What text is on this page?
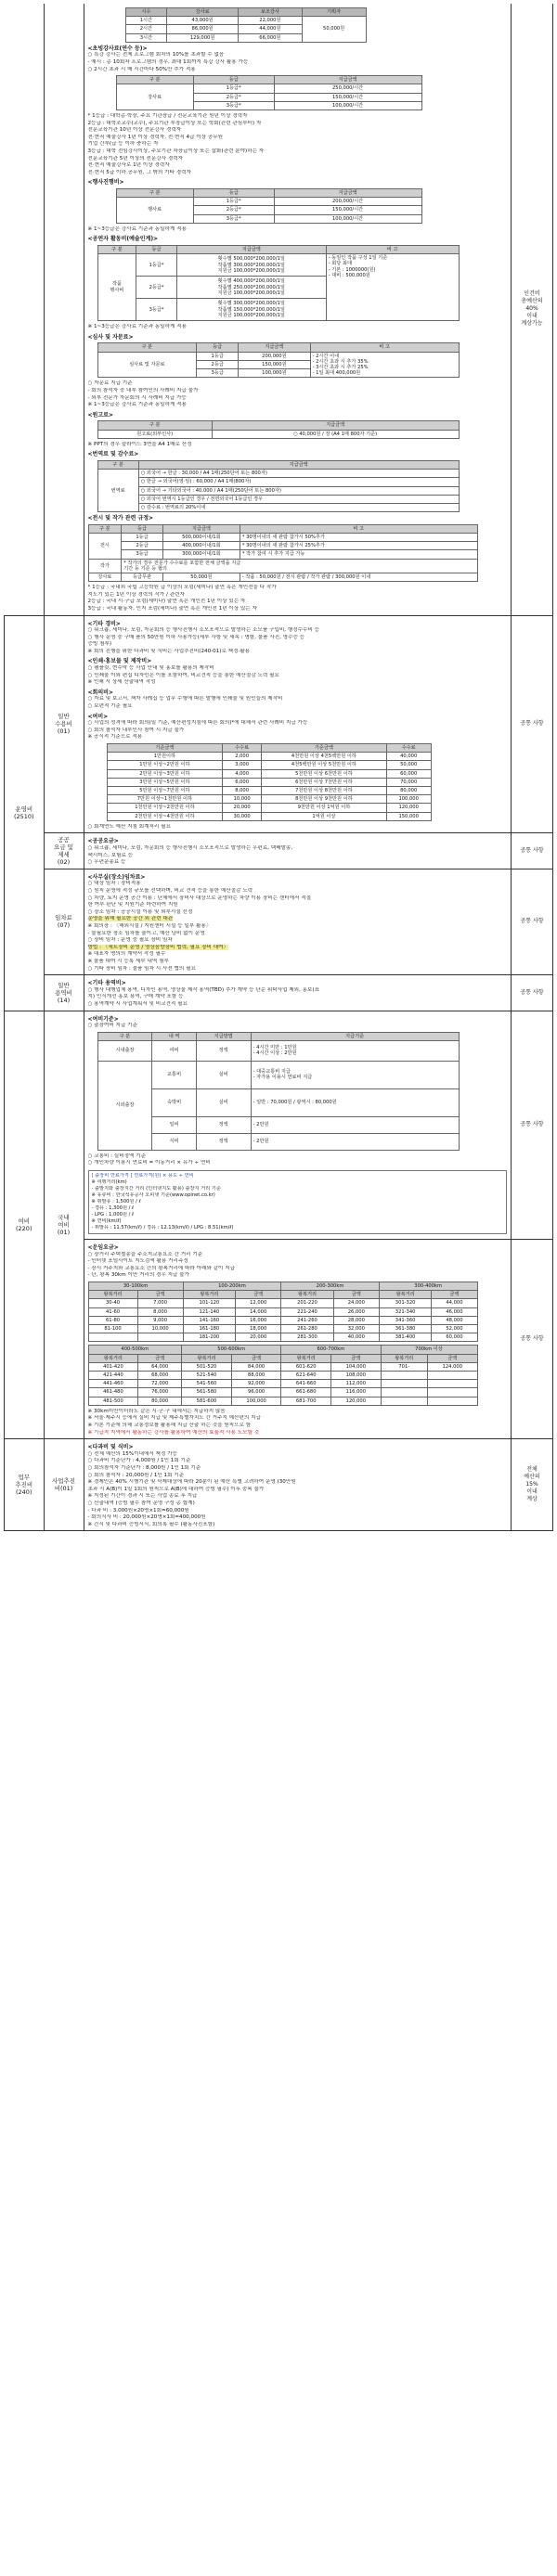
시수	강사료	보조강사	기획자
1시간	43,000원	22,000원	50,000원
2시간	86,000원	44,000원
3시간	129,000원	66,000원
<초빙강사료(연수 등)>
○ 특강 강사는 전체 프로그램 회차의 10%를 초과할 수 없음
- 예시 : 총 10회차 프로그램의 경우, 최대 1회까지 특강 강사 활용 가능
○ 2시간 초과 시 매 시간마다 50%만 추가 적용
구 분	등급	지급금액
강사료	1등급*	250,000/시간
2등급*	150,000/시간
3등급*	100,000/시간
* 1등급 : 대학총·학장, 주요 기관장급 / 전문교육기관 원년 이상 경력자
2등급 : 대학조교수(교수), 주요기관 부장급이상 또는 학회(관련 관심부터) 자
전문교육기관 10년 이상 전문강사 경력자
전·현직 예술강사 1년 이상 경력자, 전·현직 4급 이상 공무원
기업 간부(급 등 이하 충하는 자
3등급 : 대학 전임강사이상, 주요기관 차장급이상 또는 삽화(관련 분야)하는 자
전문교육기관 5년 이상의 전문강사 경력자
전·현직 예술강사로 1년 이상 경력자
전·현직 5급 이하 공무원, 그 밖의 기타 경력자
<행사진행비>
구 분	등급	지급금액
행사료	1등급*	200,000/시간
2등급*	150,000/시간
3등급*	100,000/시간
※ 1~3등급은 강사료 기준과 동일하게 적용
<공연자 활동비(예술인계)>
구 분	등급	지급금액	비 고
작품
행사비	1등급*	횟수별 500,000*200,000/1일
작품별 300,000*200,000/1일
지원금 100,000*200,000/1일	- 동일인 작품 구성 1일 기준
- 회당 최대
- 기본 : 1000000(원)
- 대비 : 500,000원
2등급*	횟수별 400,000*200,000/1일
작품별 250,000*200,000/1일
지원금 100,000*200,000/1일
3등급*	횟수별 300,000*200,000/1일
작품별 150,000*200,000/1일
지원금 100,000*200,000/1일
※ 1~3등급은 강사료 기준과 동일하게 적용
<심사 및 자문료>
구 분	등급	지급금액	비 고
심사료 및 자문료	1등급	200,000원	- 2시간 이내
- 2시간 초과 시 추가 35%
- 3시간 초과 시 추가 25%
- 1일 최대 400,000원
2등급	150,000원
3등급	100,000원
○ 자문료 지급 기준
- 회의 참석자 중 내부 참여인의 사례비 지급 불가
- 외부 전문가 자문회의 시 사례비 지급 가능
※ 1~3등급은 강사료 기준과 동일하게 적용
<원고료>
구 분	지급금액
원고료(외부인사)	○ 40,000원 / 장 (A4 1매 800자 기준)
※ PPT의 경우 슬라이드 3면을 A4 1매로 산정
<번역료 및 감수료>
구 분	지급금액
번역료	○ 외국어 → 한글 : 30,000 / A4 1매(250단어 또는 800자)
○ 한글 → 외국어(영·일) : 60,000 / A4 1매(800자)
○ 외국어 → 기타외국어 : 40,000 / A4 1매(250단어 또는 800자)
○ 외국어 번역시 1등급인 경우 / 전면외국어 1등급인 경우
○ 감수료 : 번역료의 20%이내
<전시 및 작가 관련 규정>
구 분	등급	지급금액	비 고
전시	1등급	500,000이내/1회	* 30명이내의 새 관람 참가시 50%추가
2등급	400,000이내/1회	* 30명이내의 새 관람 참가시 25%추가
3등급	300,000이내/1회	* 작가 참여 시 추가 지급 가능
작가	* 작가의 경우 전문가 수수료를 포함한 전체 금액을 지급
기간 등 기준 등 협의
강사료	등급무관	50,000원	- 작품 : 50,000원 / 전시 관람 / 작가 관람 / 300,000원 이내
* 1등급 : 국내외 국립 고등학원 급 이상의 포럼(세미나) 출연 혹은 개인전을 다 작가
지도기 있는 1년 이상 경력의 작가 / 관련자
2등급 : 국내 시·구급 포럼(세미나) 출연 혹은 개인전 1년 이상 있는 자
3등급 : 국내 활동자, 인지 포럼(세미나) 출연 혹은 개인전 1년 이상 있는 자
	인건비
총예산의
40%
이내
계상가능
운영비
(2510)	일반
수용비
(01)	
<기타 경비>
○ 워크숍, 세미나, 포럼, 자문회의 등 행사진행시 소모포적으로 발생하는 소모품 구입비, 행정수수비 등
○ 행사 운영 중 구매 품의 50만원 이하 사용가능(세부 사항 및 세목 : 명함, 물품 사진, 영수증 등
증빙 첨부)
※ 회의 진행을 위한 다과비 및 식비는 사업추진비(240-01)로 책정·활용
<인쇄·홍보물 및 제작비>
○ 팸플릿, 현수막 등 사업 안내 및 홍보를 활용의 제작비
○ 인쇄물 이외 편집 디자인은 이를 포함하여, 비교견적 등을 통한 예산절감 노력 필요
※ 인쇄 시 상세 산출내역 작성
<회의비>
○ 자료 및 보고서, 책자 사례집 등 업무 수행에 따른 발행에 인쇄물 및 원인들의 제작비
○ 보편적 기준 필요
<여비>
○ 사업의 성격에 따라 회의(일 기준, 예산편성지침에 따른 회의)*에 대해서 관련 사례비 지급 가능
○ 회의 참석자 내부인사 참여 시 지급 불가
※ 공식적 기준으로 적용
기준금액	수수료	기준금액	수수료
1만원이하	2,000	4천만원 이상 4천5백만원 이하	40,000
1만원 이상~2만원 이하	3,000	4천5백만원 이상 5천만원 이하	50,000
2만원 이상~3만원 이하	4,000	5천만원 이상 6천만원 이하	60,000
3만원 이상~5만원 이하	6,000	6천만원 이상 7천만원 이하	70,000
5만원 이상~7만원 이하	8,000	7천만원 이상 8천만원 이하	80,000
7만원 이상~1천만원 이하	10,000	8천만원 이상 9천만원 이하	100,000
1천만원 이상~2천만원 이하	20,000	9천만원 이상 1억원 이하	120,000
2천만원 이상~4천만원 이하	30,000	1억원 이상	150,000
○ 회계연도 예산 지침 회계처리 필요
	공통 사항
공공
요금 및
제세
(02)	
<공공요금>
○ 워크숍, 세미나, 포럼, 자문회의 등 행사진행시 소모포적으로 발생하는 우편료, 택배발송,
팩시미스, 보험료 등
○ 우편운송료 등
	공통 사항
임차료
(07)	
<사무실(장소)임차료>
○ 대상 임차 : 장비적용
○ 원칙 운영에 적정 규모를 선택하며, 비교 견적 등을 통한 예산절감 노력
○ 차량, 토지 운영 공간 이용 : 단체에서 장비사 대상으로 운영하는 차량 이용 장비는 센터에서 적절
한 여부 판단 및 지원기준 마련하여 지원
○ 장소 임차 : 공공시설 이용 및 외부시설 선정
운영을 위해 필요한 공간 외 관련 대관
※ 회의장 : 〈해외시설 / 지원센터 시설 등 일부 활용〉
- 불필요한 장소 임차를 줄이고, 예산 낭비 없이 운영
○ 장비 임차 : 운영 중 필요 장비 임차
방법 : 〈세트장비 운영 / 영상음향장비 협력, 필요 장비 대여〉
※ 대표자 명의의 계약서 작성 필수
※ 물품 대여 시 등록 세부 내역 첨부
○ 기타 장비 임차 : 물품 임차 시 사전 협의 필요
	공통 사항
일반
용역비
(14)	
<기타 용역비>
○ 행사 대행업체 용역, 디자인 용역, 영상물 제작 용역(TBD) 추가 계약 등 단순 위탁사업 제외, 홍보(표
지) 인식개선 홍보 용역, 구매 계약 포함 등
○ 용역계약 시 사업계획서 및 비교견적 필요
	공통 사항
여비
(220)	국내
여비
(01)	
<여비기준>
○ 출장여비 지급 기준
구 분	내 역	지급방법	지급기준
시내출장	여비	정액	- 4시간 미만 : 1만원
- 4시간 이상 : 2만원
시외출장	교통비	실비	- 대중교통비 지급
- 자가용 이용시 연료비 지급
숙박비	실비	- 일반 : 70,000원 / 광역시 : 80,000원
일비	정액	- 2만원
식비	정액	- 2만원
○ 교통비 : 실비정액 기준
○ 개인차량 이용시 연료비 = 이동거리 × 유가 ÷ 연비
[ 출장비 연료가격 ] 연료가격(원) × 용도 ÷ 연비
※ 여행거리(km)
- 출발지와 출장지간 거리 (인터넷지도 활용) 출장지 거리 기준
※ 유류비 : 한국석유공사 오피넷 기준(www.opinet.co.kr)
※ 휘발유 : 1,500원 / ℓ
- 경유 : 1,300원 / ℓ
- LPG : 1,000원 / ℓ
※ 연비(km/ℓ)
- 휘발유 : 11.57(km/ℓ) / 경유 : 12.13(km/ℓ) / LPG : 8.51(km/ℓ)
	공통 사항

<운임요금>
○ 장거리 주택철송을 주소지교통요소 간 거리 기준
- 인터넷 포털사이트 지도검색 활용 거리측정
- 장시 거주지와 교통요소 간의 왕복거리에 따라 아래와 같이 지급
- 단, 왕복 30km 이만 거리의 경우 지급 불가
30-100km	100-200km	200-300km	300-400km
왕복거리	금액	왕복거리	금액	왕복거리	금액	왕복거리	금액
30-40	7,000	101-120	12,000	201-220	24,000	301-320	44,000
41-60	8,000	121-140	14,000	221-240	26,000	321-340	46,000
61-80	9,000	141-160	16,000	241-260	28,000	341-360	48,000
81-100	10,000	161-180	18,000	261-280	32,000	361-380	52,000
		181-200	20,000	281-300	40,000	381-400	60,000
400-500km	500-600km	600-700km	700km 이상
왕복거리	금액	왕복거리	금액	왕복거리	금액	왕복거리	금액
401-420	64,000	501-520	84,000	601-620	104,000	701-	124,000
421-440	68,000	521-540	88,000	621-640	108,000		
441-460	72,000	541-560	92,000	641-660	112,000		
461-480	76,000	561-580	96,000	661-680	116,000		
481-500	80,000	581-600	100,000	681-700	120,000		
※ 30km미만이더라도 같은 시·군·구 내에서는 지급하지 않음
※ 서울·제주시 등에서 실비 지급 및 제주특별자치도 간 거주지 예산편의 지급
※ 기본 기준에 의해 교통정보를 활용해 지급 산출 하는 것을 원칙으로 함
※ 기급적 지역에서 활동하는 강사를 활용하여 예산의 효율적 사용 도모할 것
	공통 사항
업무
추진비
(240)	사업추진
비(01)	
<다과비 및 식비>
○ 전체 예산의 15%이내에서 책정 가능
○ 다과비 기준단가 : 4,000원 / 1인 1회 기준
○ 회의참석자 기준단가 : 8,000원 / 1인 1회 기준
○ 회의 참석자 : 20,000원 / 1인 1회 기준
※ 경제인은 40% 시행기관 및 삭제대상에 따라 20분이 된 예산 특별 고려하여 운영 (30만원
초과 시 A(B)이 1일 1회의 원칙으로 A(B)에 대하여 증빙 필수) 이후 중복 불가
※ 지정된 기간이 경과 시 또는 사업 종료 후 지급
○ 산출내역 (증빙 필수 참여 운영 구성 총 합계)
- 다과 비 : 3,000원×20명×1회=60,000원
- 회의식사 비 : 20,000원×20명×1회=400,000원
※ 간식 및 다과비 증빙서식, 회의록 필수 (활동사진포함)
	전체
예산의
15%
이내
계상
